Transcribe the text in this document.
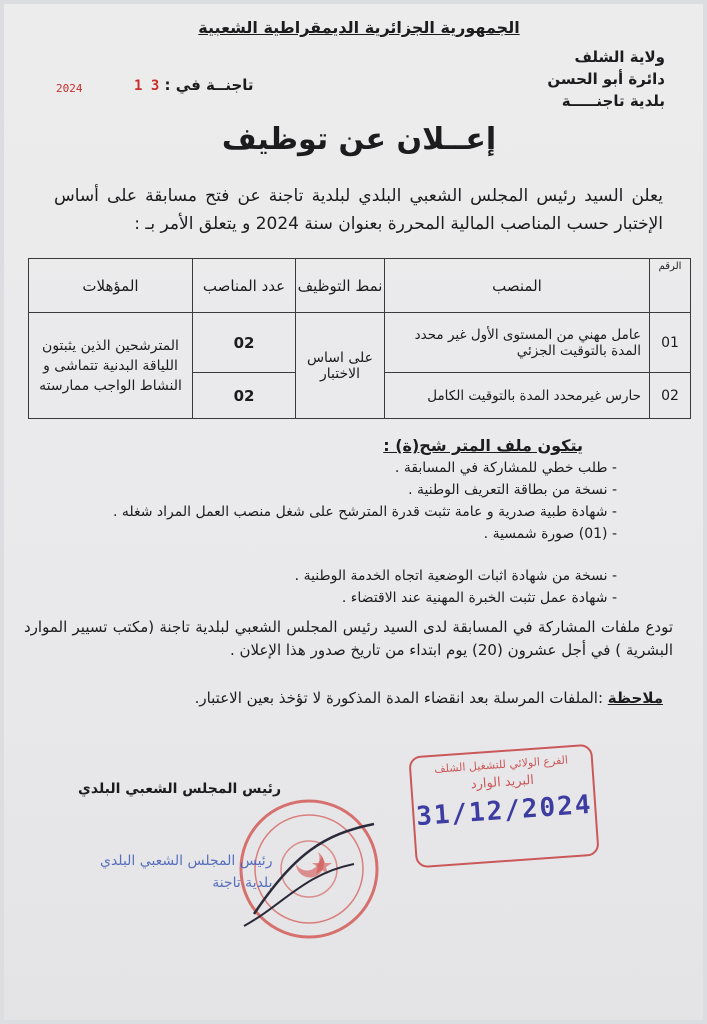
الجمهورية الجزائرية الديمقراطية الشعبية
ولاية الشلف
دائرة أبو الحسن
بلدية تاجنـــــة
تاجنــة في : 3 1
2024
إعــلان عن توظيف
يعلن السيد رئيس المجلس الشعبي البلدي لبلدية تاجنة عن فتح مسابقة على أساس الإختبار حسب المناصب المالية المحررة بعنوان سنة 2024 و يتعلق الأمر بـ :
الرقم	المنصب	نمط التوظيف	عدد المناصب	المؤهلات
01	عامل مهني من المستوى الأول غير محدد المدة بالتوقيت الجزئي	على اساس الاختبار	02	المترشحين الذين يثبتون اللياقة البدنية تتماشى و النشاط الواجب ممارسته
02	حارس غيرمحدد المدة بالتوقيت الكامل		02	
يتكون ملف المتر شح(ة) :
- طلب خطي للمشاركة في المسابقة .
- نسخة من بطاقة التعريف الوطنية .
- شهادة طبية صدرية و عامة تثبت قدرة المترشح على شغل منصب العمل المراد شغله .
- (01) صورة شمسية .
- نسخة من شهادة اثبات الوضعية اتجاه الخدمة الوطنية .
- شهادة عمل تثبت الخبرة المهنية عند الاقتضاء .
تودع ملفات المشاركة في المسابقة لدى السيد رئيس المجلس الشعبي لبلدية تاجنة (مكتب تسيير الموارد البشرية ) في أجل عشرون (20) يوم ابتداء من تاريخ صدور هذا الإعلان .
ملاحظة :الملفات المرسلة بعد انقضاء المدة المذكورة لا تؤخذ بعين الاعتبار.
رئيس المجلس الشعبي البلدي
الفرع الولائي للتشغيل الشلف
البريد الوارد
31/12/2024
رئيس المجلس الشعبي البلدي
بلدية تاجنة
